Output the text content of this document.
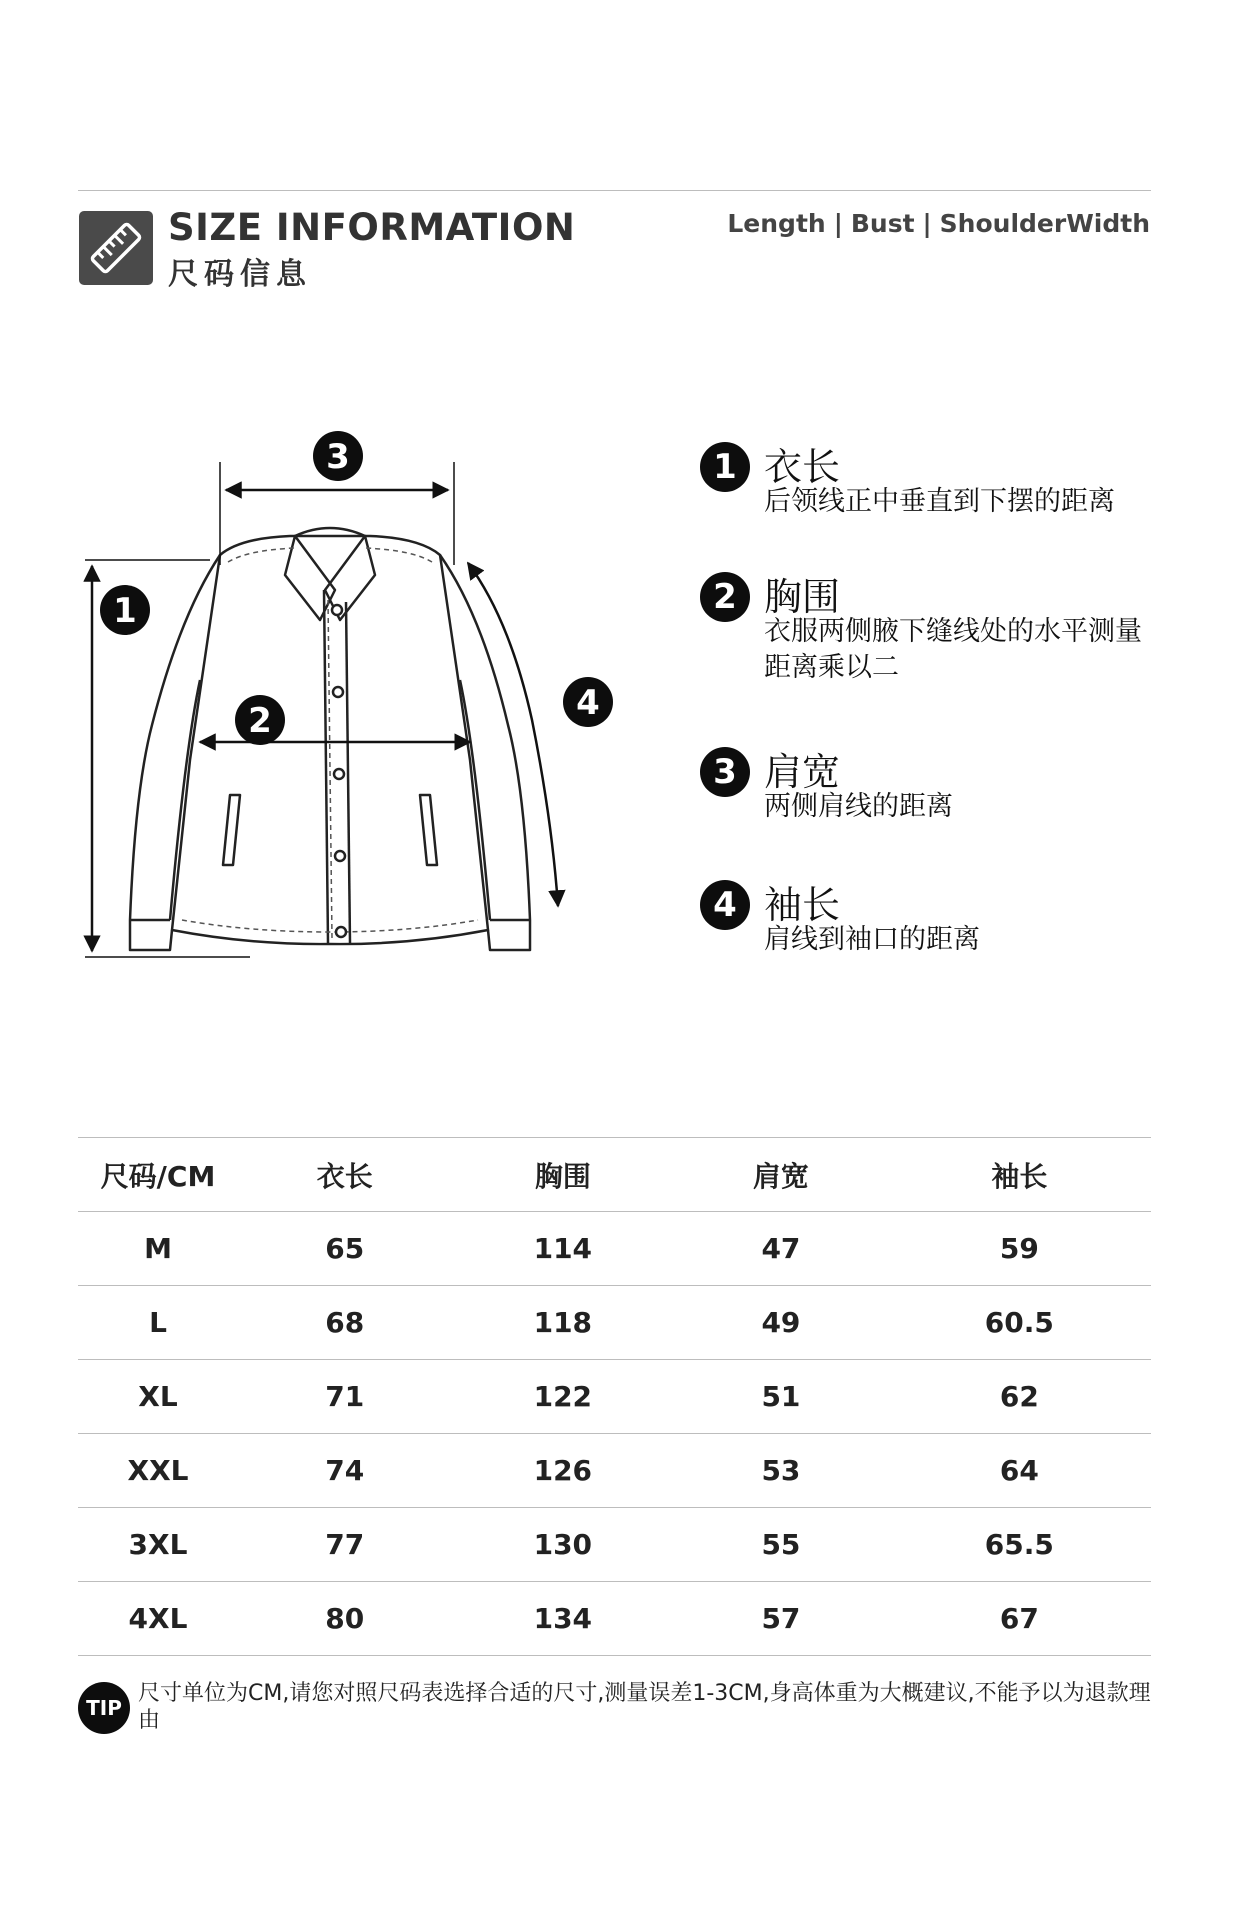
SIZE INFORMATION
尺码信息
Length | Bust | ShoulderWidth
3
1
2	4
1 衣长
后领线正中垂直到下摆的距离
2 胸围
衣服两侧腋下缝线处的水平测量距离乘以二
3 肩宽
两侧肩线的距离
4 袖长
肩线到袖口的距离
尺码/CM	衣长	胸围	肩宽	袖长
M	65	114	47	59
L	68	118	49	60.5
XL	71	122	51	62
XXL	74	126	53	64
3XL	77	130	55	65.5
4XL	80	134	57	67
TIP
尺寸单位为CM,请您对照尺码表选择合适的尺寸,测量误差1-3CM,身高体重为大概建议,不能予以为退款理由
